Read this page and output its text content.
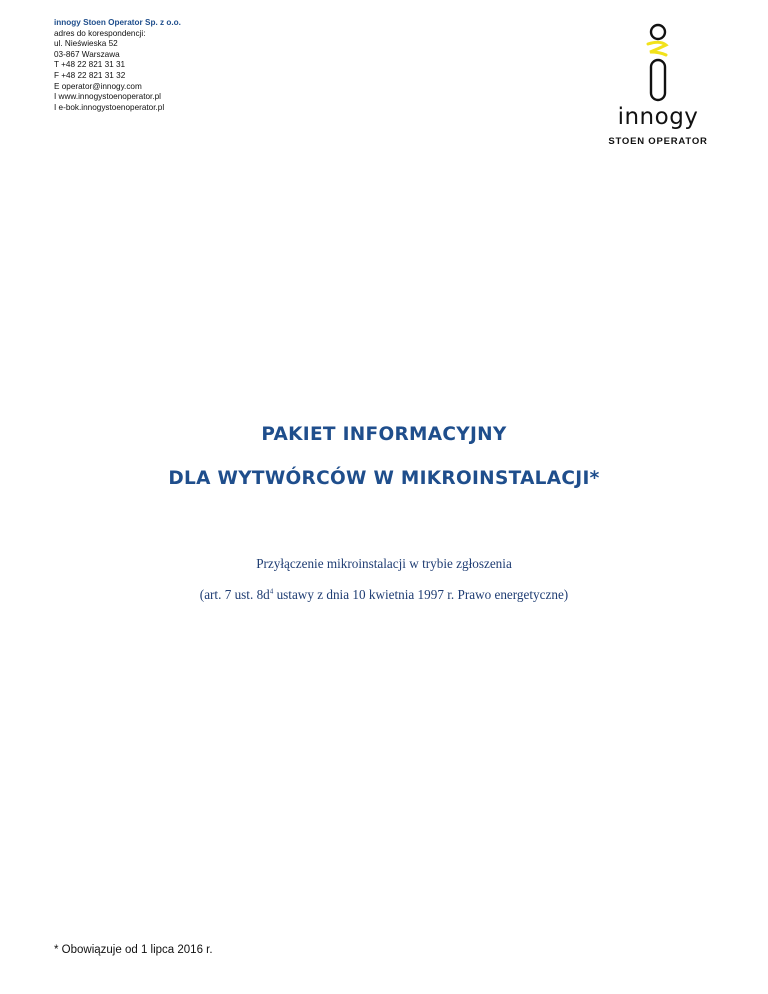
innogy Stoen Operator Sp. z o.o.
adres do korespondencji:
ul. Nieświeska 52
03-867 Warszawa
T +48 22 821 31 31
F +48 22 821 31 32
E operator@innogy.com
I www.innogystoenoperator.pl
I e-bok.innogystoenoperator.pl	innogy
STOEN OPERATOR
PAKIET INFORMACYJNY
DLA WYTWÓRCÓW W MIKROINSTALACJI*
Przyłączenie mikroinstalacji w trybie zgłoszenia
(art. 7 ust. $8d^4$ ustawy z dnia 10 kwietnia 1997 r. Prawo energetyczne)
* Obowiązuje od 1 lipca 2016 r.
